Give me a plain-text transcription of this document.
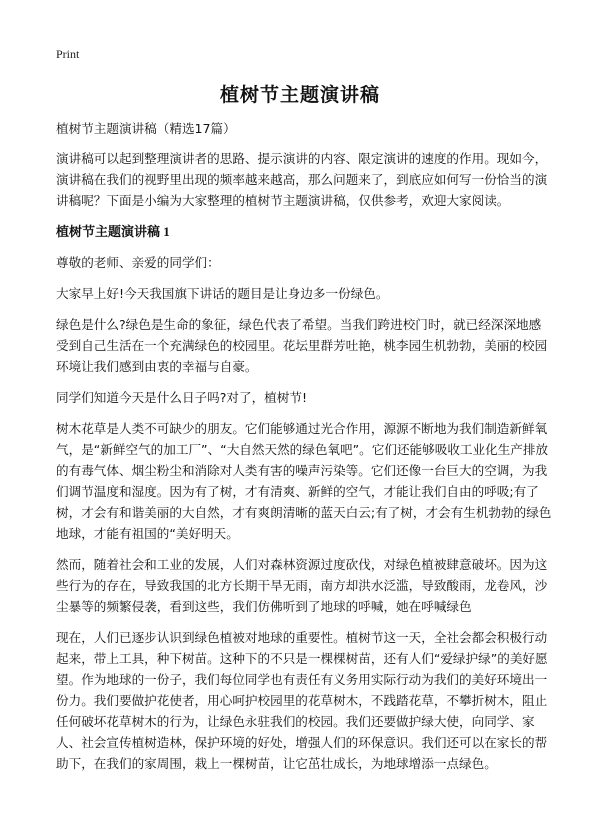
Print
植树节主题演讲稿

植树节主题演讲稿（精选17篇）

演讲稿可以起到整理演讲者的思路、提示演讲的内容、限定演讲的速度的作用。现如今，演讲稿在我们的视野里出现的频率越来越高，那么问题来了，到底应如何写一份恰当的演讲稿呢？下面是小编为大家整理的植树节主题演讲稿，仅供参考，欢迎大家阅读。

植树节主题演讲稿 1

尊敬的老师、亲爱的同学们：

大家早上好!今天我国旗下讲话的题目是让身边多一份绿色。

绿色是什么?绿色是生命的象征，绿色代表了希望。当我们跨进校门时，就已经深深地感受到自己生活在一个充满绿色的校园里。花坛里群芳吐艳，桃李园生机勃勃，美丽的校园环境让我们感到由衷的幸福与自豪。

同学们知道今天是什么日子吗?对了，植树节!

树木花草是人类不可缺少的朋友。它们能够通过光合作用，源源不断地为我们制造新鲜氧气，是“新鲜空气的加工厂”、“大自然天然的绿色氧吧”。它们还能够吸收工业化生产排放的有毒气体、烟尘粉尘和消除对人类有害的噪声污染等。它们还像一台巨大的空调，为我们调节温度和湿度。因为有了树，才有清爽、新鲜的空气，才能让我们自由的呼吸;有了树，才会有和谐美丽的大自然，才有爽朗清晰的蓝天白云;有了树，才会有生机勃勃的绿色地球，才能有祖国的“美好明天。

然而，随着社会和工业的发展，人们对森林资源过度砍伐，对绿色植被肆意破坏。因为这些行为的存在，导致我国的北方长期干旱无雨，南方却洪水泛滥，导致酸雨，龙卷风，沙尘暴等的频繁侵袭，看到这些，我们仿佛听到了地球的呼喊，她在呼喊绿色

现在，人们已逐步认识到绿色植被对地球的重要性。植树节这一天，全社会都会积极行动起来，带上工具，种下树苗。这种下的不只是一棵棵树苗，还有人们“爱绿护绿”的美好愿望。作为地球的一份子，我们每位同学也有责任有义务用实际行动为我们的美好环境出一份力。我们要做护花使者，用心呵护校园里的花草树木，不践踏花草，不攀折树木，阻止任何破坏花草树木的行为，让绿色永驻我们的校园。我们还要做护绿大使，向同学、家人、社会宣传植树造林，保护环境的好处，增强人们的环保意识。我们还可以在家长的帮助下，在我们的家周围，栽上一棵树苗，让它茁壮成长，为地球增添一点绿色。
